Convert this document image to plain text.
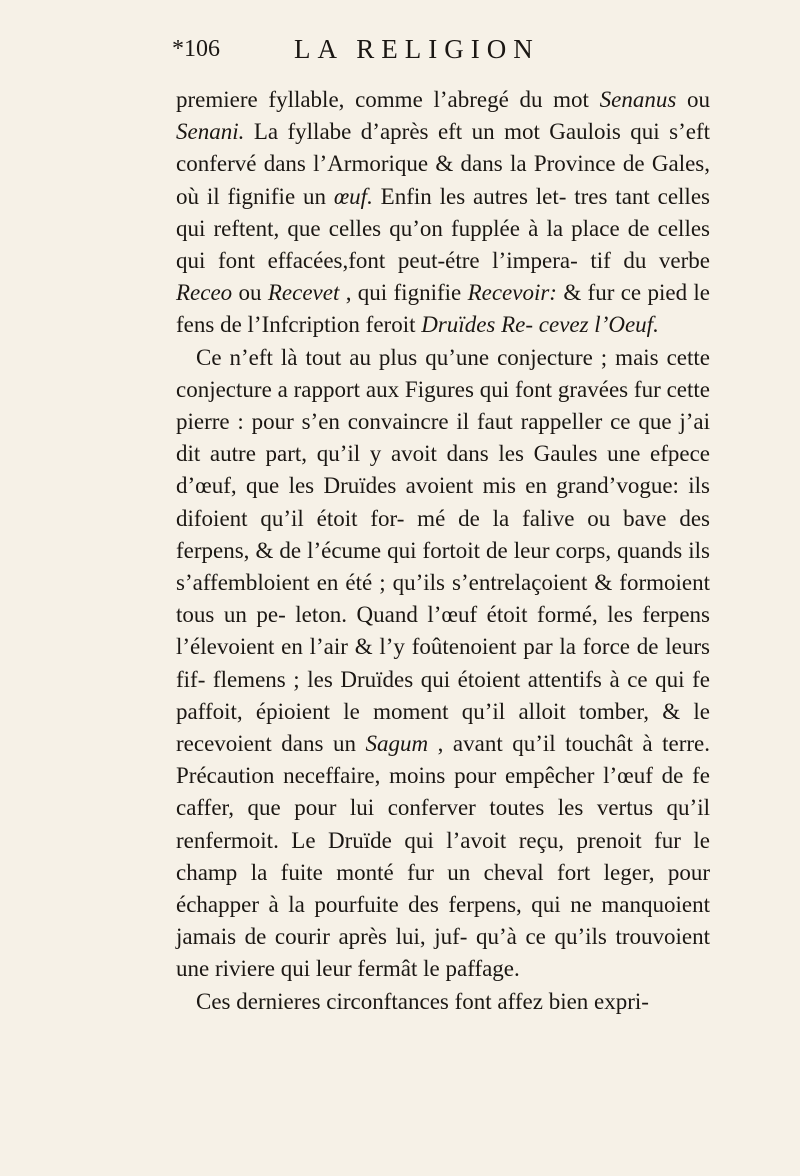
*106	LA RELIGION

premiere fyllable, comme l’abregé du mot Senanus ou Senani. La fyllabe d’après eft un mot Gaulois qui s’eft confervé dans l’Armorique & dans la Province de Gales, où il fignifie un œuf. Enfin les autres let- tres tant celles qui reftent, que celles qu’on fupplée à la place de celles qui font effacées,font peut-étre l’impera- tif du verbe Receo ou Recevet , qui fignifie Recevoir: & fur ce pied le fens de l’Infcription feroit Druïdes Re- cevez l’Oeuf.

Ce n’eft là tout au plus qu’une conjecture ; mais cette conjecture a rapport aux Figures qui font gravées fur cette pierre : pour s’en convaincre il faut rappeller ce que j’ai dit autre part, qu’il y avoit dans les Gaules une efpece d’œuf, que les Druïdes avoient mis en grand’vogue: ils difoient qu’il étoit for- mé de la falive ou bave des ferpens, & de l’écume qui fortoit de leur corps, quands ils s’affembloient en été ; qu’ils s’entrelaçoient & formoient tous un pe- leton. Quand l’œuf étoit formé, les ferpens l’élevoient en l’air & l’y foûtenoient par la force de leurs fif- flemens ; les Druïdes qui étoient attentifs à ce qui fe paffoit, épioient le moment qu’il alloit tomber, & le recevoient dans un Sagum , avant qu’il touchât à terre. Précaution neceffaire, moins pour empêcher l’œuf de fe caffer, que pour lui conferver toutes les vertus qu’il renfermoit. Le Druïde qui l’avoit reçu, prenoit fur le champ la fuite monté fur un cheval fort leger, pour échapper à la pourfuite des ferpens, qui ne manquoient jamais de courir après lui, juf- qu’à ce qu’ils trouvoient une riviere qui leur fermât le paffage.

Ces dernieres circonftances font affez bien expri-
